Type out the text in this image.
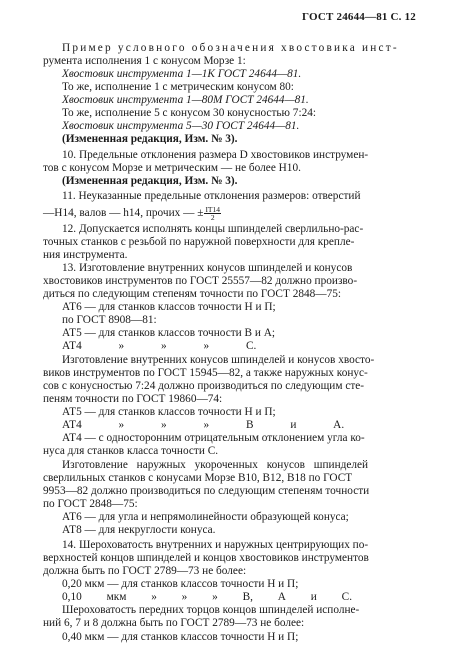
ГОСТ 24644—81 С. 12
Пример условного обозначения хвостовика инст-
румента исполнения 1 с конусом Морзе 1:
Хвостовик инструмента 1—1К ГОСТ 24644—81.
То же, исполнение 1 с метрическим конусом 80:
Хвостовик инструмента 1—80М ГОСТ 24644—81.
То же, исполнение 5 с конусом 30 конусностью 7:24:
Хвостовик инструмента 5—30 ГОСТ 24644—81.
(Измененная редакция, Изм. № 3).
10. Предельные отклонения размера D хвостовиков инструмен-
тов с конусом Морзе и метрическим — не более Н10.
(Измененная редакция, Изм. № 3).
11. Неуказанные предельные отклонения размеров: отверстий
—Н14, валов — h14, прочих — ± $\frac{IT14}{2}$
12. Допускается исполнять концы шпинделей сверлильно-рас-
точных станков с резьбой по наружной поверхности для крепле-
ния инструмента.
13. Изготовление внутренних конусов шпинделей и конусов
хвостовиков инструментов по ГОСТ 25557—82 должно произво-
диться по следующим степеням точности по ГОСТ 2848—75:
АТ6 — для станков классов точности Н и П;
по ГОСТ 8908—81:
АТ5 — для станков классов точности В и А;
АТ4 » » » С.
Изготовление внутренних конусов шпинделей и конусов хвосто-
виков инструментов по ГОСТ 15945—82, а также наружных конус-
сов с конусностью 7:24 должно производиться по следующим сте-
пеням точности по ГОСТ 19860—74:
АТ5 — для станков классов точности Н и П;
АТ4 » » » В и А.
АТ4 — с односторонним отрицательным отклонением угла ко-
нуса для станков класса точности С.
Изготовление наружных укороченных конусов шпинделей
сверлильных станков с конусами Морзе В10, В12, В18 по ГОСТ
9953—82 должно производиться по следующим степеням точности
по ГОСТ 2848—75:
АТ6 — для угла и непрямолинейности образующей конуса;
АТ8 — для некруглости конуса.
14. Шероховатость внутренних и наружных центрирующих по-
верхностей концов шпинделей и концов хвостовиков инструментов
должна быть по ГОСТ 2789—73 не более:
0,20 мкм — для станков классов точности Н и П;
0,10 мкм » » » В, А и С.
Шероховатость передних торцов концов шпинделей исполне-
ний 6, 7 и 8 должна быть по ГОСТ 2789—73 не более:
0,40 мкм — для станков классов точности Н и П;
